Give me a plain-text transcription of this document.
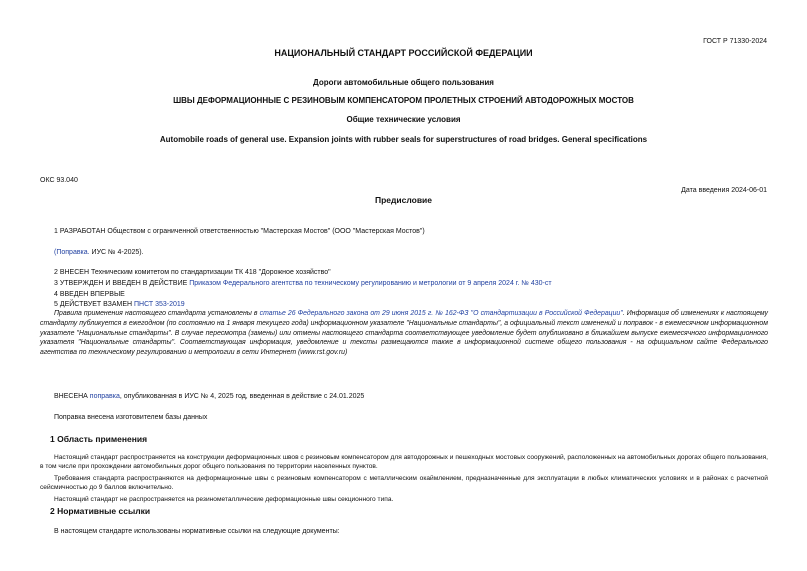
ГОСТ Р 71330-2024
НАЦИОНАЛЬНЫЙ СТАНДАРТ РОССИЙСКОЙ ФЕДЕРАЦИИ
Дороги автомобильные общего пользования
ШВЫ ДЕФОРМАЦИОННЫЕ С РЕЗИНОВЫМ КОМПЕНСАТОРОМ ПРОЛЕТНЫХ СТРОЕНИЙ АВТОДОРОЖНЫХ МОСТОВ
Общие технические условия
Automobile roads of general use. Expansion joints with rubber seals for superstructures of road bridges. General specifications
ОКС 93.040
Дата введения 2024-06-01
Предисловие
1 РАЗРАБОТАН Обществом с ограниченной ответственностью "Мастерская Мостов" (ООО "Мастерская Мостов")
(Поправка. ИУС № 4-2025).
2 ВНЕСЕН Техническим комитетом по стандартизации ТК 418 "Дорожное хозяйство"
3 УТВЕРЖДЕН И ВВЕДЕН В ДЕЙСТВИЕ Приказом Федерального агентства по техническому регулированию и метрологии от 9 апреля 2024 г. № 430-ст
4 ВВЕДЕН ВПЕРВЫЕ
5 ДЕЙСТВУЕТ ВЗАМЕН ПНСТ 353-2019
Правила применения настоящего стандарта установлены в статье 26 Федерального закона от 29 июня 2015 г. № 162-ФЗ "О стандартизации в Российской Федерации". Информация об изменениях к настоящему стандарту публикуется в ежегодном (по состоянию на 1 января текущего года) информационном указателе "Национальные стандарты", а официальный текст изменений и поправок - в ежемесячном информационном указателе "Национальные стандарты". В случае пересмотра (замены) или отмены настоящего стандарта соответствующее уведомление будет опубликовано в ближайшем выпуске ежемесячного информационного указателя "Национальные стандарты". Соответствующая информация, уведомление и тексты размещаются также в информационной системе общего пользования - на официальном сайте Федерального агентства по техническому регулированию и метрологии в сети Интернет (www.rst.gov.ru)
ВНЕСЕНА поправка, опубликованная в ИУС № 4, 2025 год, введенная в действие с 24.01.2025
Поправка внесена изготовителем базы данных
1 Область применения
Настоящий стандарт распространяется на конструкции деформационных швов с резиновым компенсатором для автодорожных и пешеходных мостовых сооружений, расположенных на автомобильных дорогах общего пользования, в том числе при прохождении автомобильных дорог общего пользования по территории населенных пунктов.
Требования стандарта распространяются на деформационные швы с резиновым компенсатором с металлическим окаймлением, предназначенные для эксплуатации в любых климатических условиях и в районах с расчетной сейсмичностью до 9 баллов включительно.
Настоящий стандарт не распространяется на резинометаллические деформационные швы секционного типа.
2 Нормативные ссылки
В настоящем стандарте использованы нормативные ссылки на следующие документы:
